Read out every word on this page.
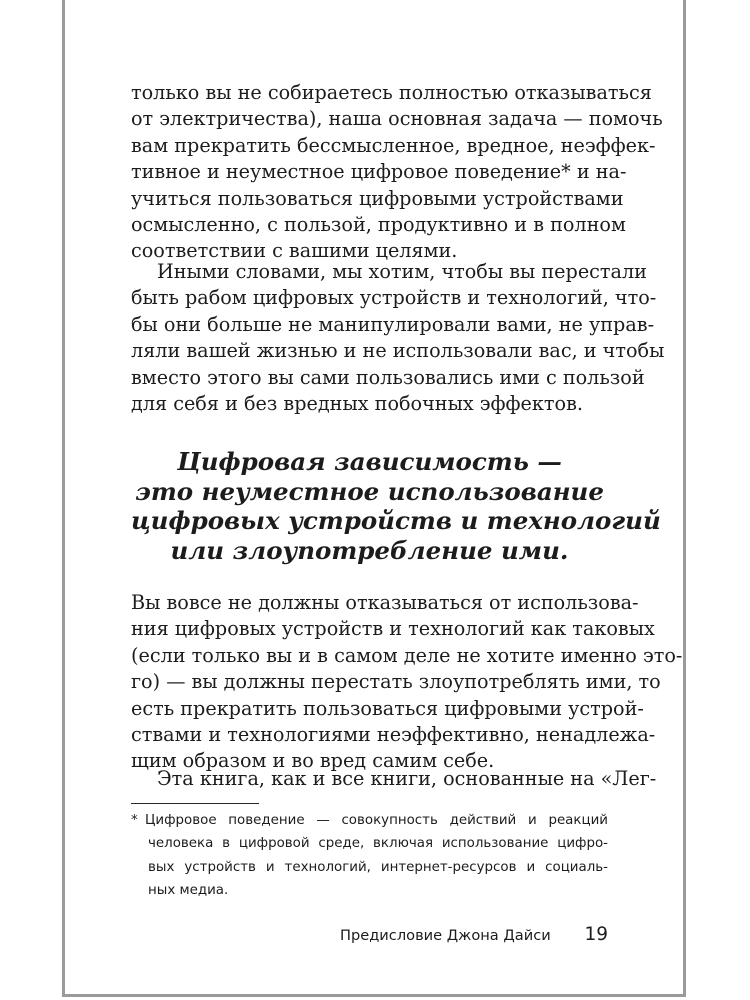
только вы не собираетесь полностью отказываться
от электричества), наша основная задача — помочь
вам прекратить бессмысленное, вредное, неэффек-
тивное и неуместное цифровое поведение* и на-
учиться пользоваться цифровыми устройствами
осмысленно, с пользой, продуктивно и в полном
соответствии с вашими целями.
Иными словами, мы хотим, чтобы вы перестали
быть рабом цифровых устройств и технологий, что-
бы они больше не манипулировали вами, не управ-
ляли вашей жизнью и не использовали вас, и чтобы
вместо этого вы сами пользовались ими с пользой
для себя и без вредных побочных эффектов.
Цифровая зависимость —
это неуместное использование
цифровых устройств и технологий
или злоупотребление ими.
Вы вовсе не должны отказываться от использова-
ния цифровых устройств и технологий как таковых
(если только вы и в самом деле не хотите именно это-
го) — вы должны перестать злоупотреблять ими, то
есть прекратить пользоваться цифровыми устрой-
ствами и технологиями неэффективно, ненадлежа-
щим образом и во вред самим себе.
Эта книга, как и все книги, основанные на «Лег-
* Цифровое поведение — совокупность действий и реакций
человека в цифровой среде, включая использование цифро-
вых устройств и технологий, интернет-ресурсов и социаль-
ных медиа.
Предисловие Джона Дайси 19
